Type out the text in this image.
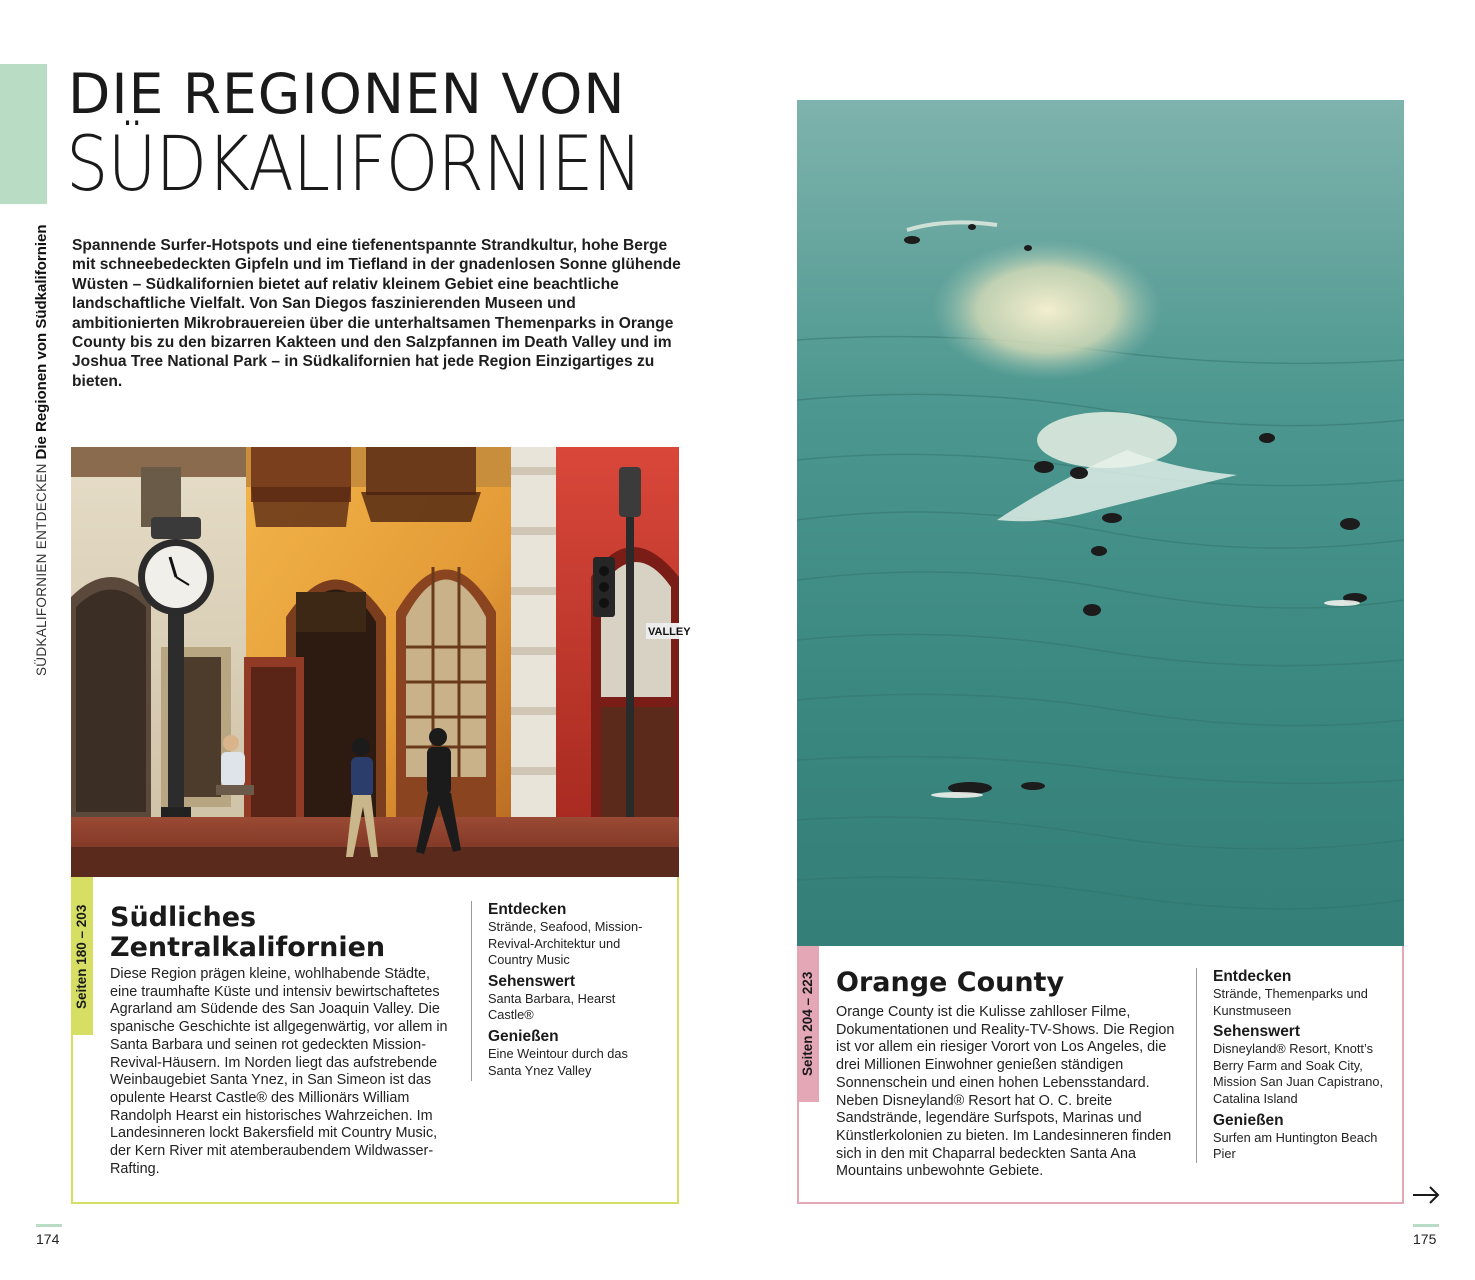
SÜDKALIFORNIEN ENTDECKEN Die Regionen von Südkalifornien
DIE REGIONEN VON
SÜDKALIFORNIEN

Spannende Surfer-Hotspots und eine tiefenentspannte Strandkultur, hohe Berge mit schneebedeckten Gipfeln und im Tiefland in der gnadenlosen Sonne glühende Wüsten – Südkalifornien bietet auf relativ kleinem Gebiet eine beachtliche landschaftliche Vielfalt. Von San Diegos faszinierenden Museen und ambitionierten Mikrobrauereien über die unterhaltsamen Themenparks in Orange County bis zu den bizarren Kakteen und den Salzpfannen im Death Valley und im Joshua Tree National Park – in Südkalifornien hat jede Region Einzigartiges zu bieten.

VALLEY
Seiten 180 – 203 Südliches Zentralkalifornien

Diese Region prägen kleine, wohlhabende Städte, eine traumhafte Küste und intensiv bewirtschaftetes Agrarland am Südende des San Joaquin Valley. Die spanische Geschichte ist allgegenwärtig, vor allem in Santa Barbara und seinen rot gedeckten Mission-Revival-Häusern. Im Norden liegt das aufstrebende Weinbaugebiet Santa Ynez, in San Simeon ist das opulente Hearst Castle® des Millionärs William Randolph Hearst ein historisches Wahrzeichen. Im Landesinneren lockt Bakersfield mit Country Music, der Kern River mit atemberaubendem Wildwasser-Rafting.

Entdecken

Strände, Seafood, Mission-Revival-Architektur und Country Music

Sehenswert

Santa Barbara, Hearst Castle®

Genießen

Eine Weintour durch das Santa Ynez Valley	Seiten 204 – 223 Orange County

Orange County ist die Kulisse zahlloser Filme, Dokumentationen und Reality-TV-Shows. Die Region ist vor allem ein riesiger Vorort von Los Angeles, die drei Millionen Einwohner genießen ständigen Sonnenschein und einen hohen Lebensstandard. Neben Disneyland® Resort hat O. C. breite Sandstrände, legendäre Surfspots, Marinas und Künstlerkolonien zu bieten. Im Landesinneren finden sich in den mit Chaparral bedeckten Santa Ana Mountains unbewohnte Gebiete.

Entdecken

Strände, Themenparks und Kunstmuseen

Sehenswert

Disneyland® Resort, Knott’s Berry Farm and Soak City, Mission San Juan Capistrano, Catalina Island

Genießen

Surfen am Huntington Beach Pier

174	175
